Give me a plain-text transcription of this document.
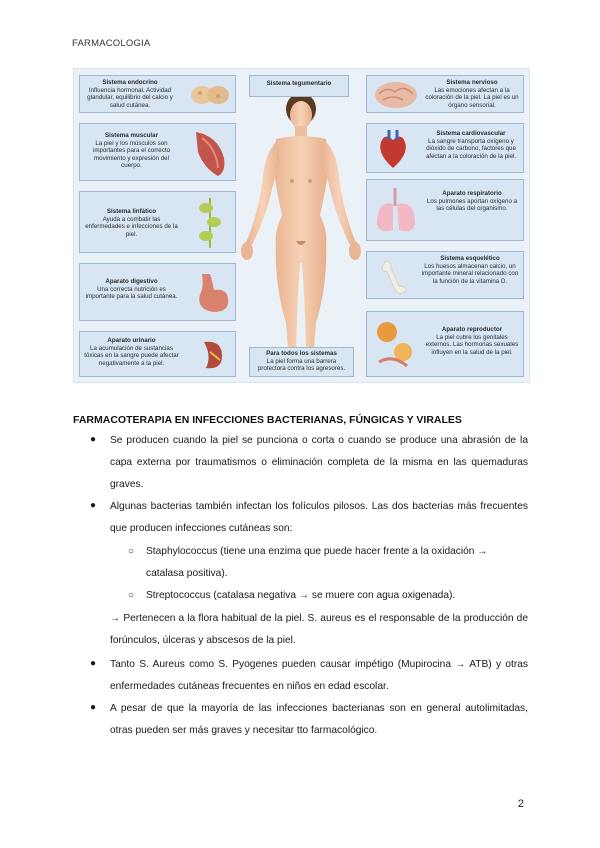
FARMACOLOGIA
Sistema tegumentario
Para todos los sistemas
La piel forma una barrera protectora contra los agresores.
Sistema endocrino
Influencia hormonal. Actividad glandular, equilibrio del calcio y salud cutánea.
Sistema muscular
La piel y los músculos son importantes para el correcto movimiento y expresión del cuerpo.
Sistema linfático
Ayuda a combatir las enfermedades e infecciones de la piel.
Aparato digestivo
Una correcta nutrición es importante para la salud cutánea.
Aparato urinario
La acumulación de sustancias tóxicas en la sangre puede afectar negativamente a la piel.
Sistema nervioso
Las emociones afectan a la coloración de la piel. La piel es un órgano sensorial.
Sistema cardiovascular
La sangre transporta oxígeno y dióxido de carbono, factores que afectan a la coloración de la piel.
Aparato respiratorio
Los pulmones aportan oxígeno a las células del organismo.
Sistema esquelético
Los huesos almacenan calcio, un importante mineral relacionado con la función de la vitamina D.
Aparato reproductor
La piel cubre los genitales externos. Las hormonas sexuales influyen en la salud de la piel.
FARMACOTERAPIA EN INFECCIONES BACTERIANAS, FÚNGICAS Y VIRALES
● Se producen cuando la piel se punciona o corta o cuando se produce una abrasión de la capa externa por traumatismos o eliminación completa de la misma en las quemaduras graves.
● Algunas bacterias también infectan los folículos pilosos. Las dos bacterias más frecuentes que producen infecciones cutáneas son:
○ Staphylococcus (tiene una enzima que puede hacer frente a la oxidación → catalasa positiva).
○ Streptococcus (catalasa negativa → se muere con agua oxigenada).
→ Pertenecen a la flora habitual de la piel. S. aureus es el responsable de la producción de forúnculos, úlceras y abscesos de la piel.
● Tanto S. Aureus como S. Pyogenes pueden causar impétigo (Mupirocina → ATB) y otras enfermedades cutáneas frecuentes en niños en edad escolar.
● A pesar de que la mayoría de las infecciones bacterianas son en general autolimitadas, otras pueden ser más graves y necesitar tto farmacológico.
2
